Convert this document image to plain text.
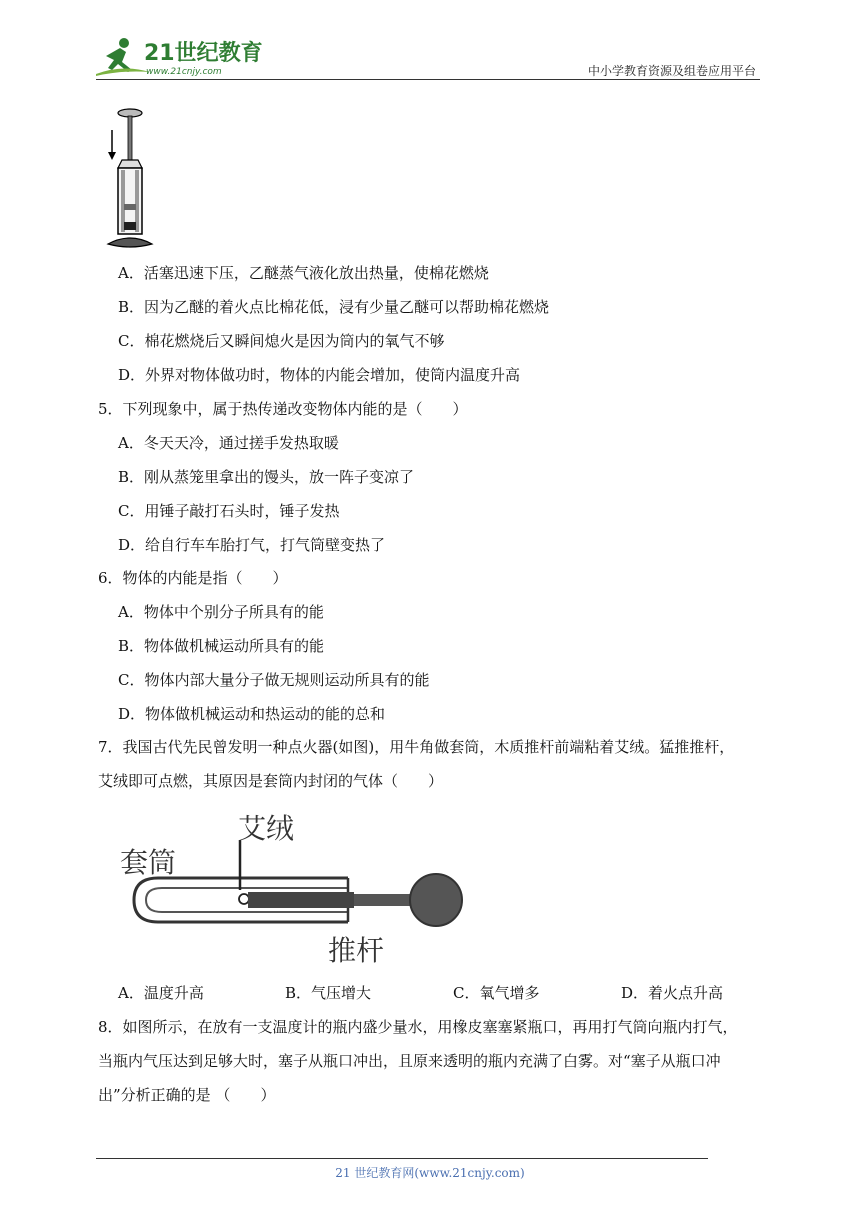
21世纪教育
www.21cnjy.com	中小学教育资源及组卷应用平台
A．活塞迅速下压，乙醚蒸气液化放出热量，使棉花燃烧
B．因为乙醚的着火点比棉花低，浸有少量乙醚可以帮助棉花燃烧
C．棉花燃烧后又瞬间熄火是因为筒内的氧气不够
D．外界对物体做功时，物体的内能会增加，使筒内温度升高
5．下列现象中，属于热传递改变物体内能的是（　　）
A．冬天天冷，通过搓手发热取暖
B．刚从蒸笼里拿出的馒头，放一阵子变凉了
C．用锤子敲打石头时，锤子发热
D．给自行车车胎打气，打气筒壁变热了
6．物体的内能是指（　　）
A．物体中个别分子所具有的能
B．物体做机械运动所具有的能
C．物体内部大量分子做无规则运动所具有的能
D．物体做机械运动和热运动的能的总和
7．我国古代先民曾发明一种点火器(如图)，用牛角做套筒，木质推杆前端粘着艾绒。猛推推杆，
艾绒即可点燃，其原因是套筒内封闭的气体（　　）
艾绒
套筒
推杆
A．温度升高	B．气压增大	C．氧气增多	D．着火点升高
8．如图所示，在放有一支温度计的瓶内盛少量水，用橡皮塞塞紧瓶口，再用打气筒向瓶内打气，
当瓶内气压达到足够大时，塞子从瓶口冲出，且原来透明的瓶内充满了白雾。对“塞子从瓶口冲
出”分析正确的是 （　　）
21 世纪教育网(www.21cnjy.com)
